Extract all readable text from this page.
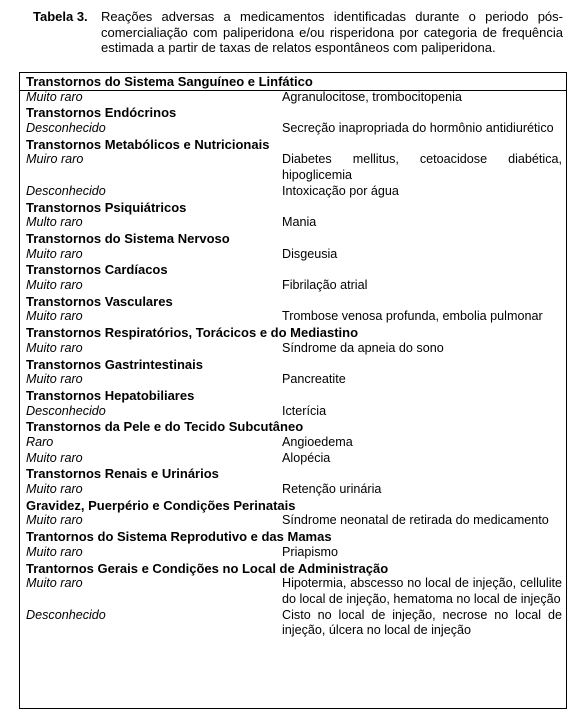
Tabela 3. Reações adversas a medicamentos identificadas durante o periodo pós-comercialiação com paliperidona e/ou risperidona por categoria de frequência estimada a partir de taxas de relatos espontâneos com paliperidona.
Transtornos do Sistema Sanguíneo e Linfático
Muito raro	Agranulocitose, trombocitopenia
Transtornos Endócrinos
Desconhecido	Secreção inapropriada do hormônio antidiurético
Transtornos Metabólicos e Nutricionais
Muiro raro	Diabetes mellitus, cetoacidose diabética, hipoglicemia
Desconhecido	Intoxicação por água
Transtornos Psiquiátricos
Multo raro	Mania
Transtornos do Sistema Nervoso
Muito raro	Disgeusia
Transtornos Cardíacos
Muito raro	Fibrilação atrial
Transtornos Vasculares
Muito raro	Trombose venosa profunda, embolia pulmonar
Transtornos Respiratórios, Torácicos e do Mediastino
Muito raro	Síndrome da apneia do sono
Transtornos Gastrintestinais
Muito raro	Pancreatite
Transtornos Hepatobiliares
Desconhecido	Icterícia
Transtornos da Pele e do Tecido Subcutâneo
Raro	Angioedema
Muito raro	Alopécia
Transtornos Renais e Urinários
Muito raro	Retenção urinária
Gravidez, Puerpério e Condições Perinatais
Muito raro	Síndrome neonatal de retirada do medicamento
Trantornos do Sistema Reprodutivo e das Mamas
Muito raro	Priapismo
Trantornos Gerais e Condições no Local de Administração
Muito raro	Hipotermia, abscesso no local de injeção, cellulite do local de injeção, hematoma no local de injeção
Desconhecido	Cisto no local de injeção, necrose no local de injeção, úlcera no local de injeção
